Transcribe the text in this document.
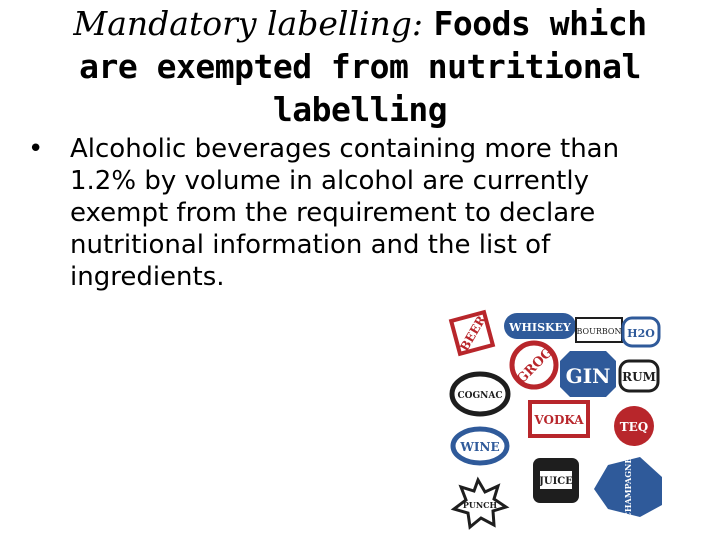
Mandatory labelling: Foods which are exempted from nutritional labelling
• Alcoholic beverages containing more than 1.2% by volume in alcohol are currently exempt from the requirement to declare nutritional information and the list of ingredients.
BEER WHISKEY BOURBON H2O
GROG GIN RUM
COGNAC
VODKA	TEQ
WINE
JUICE	CHAMPAGNE
PUNCH
